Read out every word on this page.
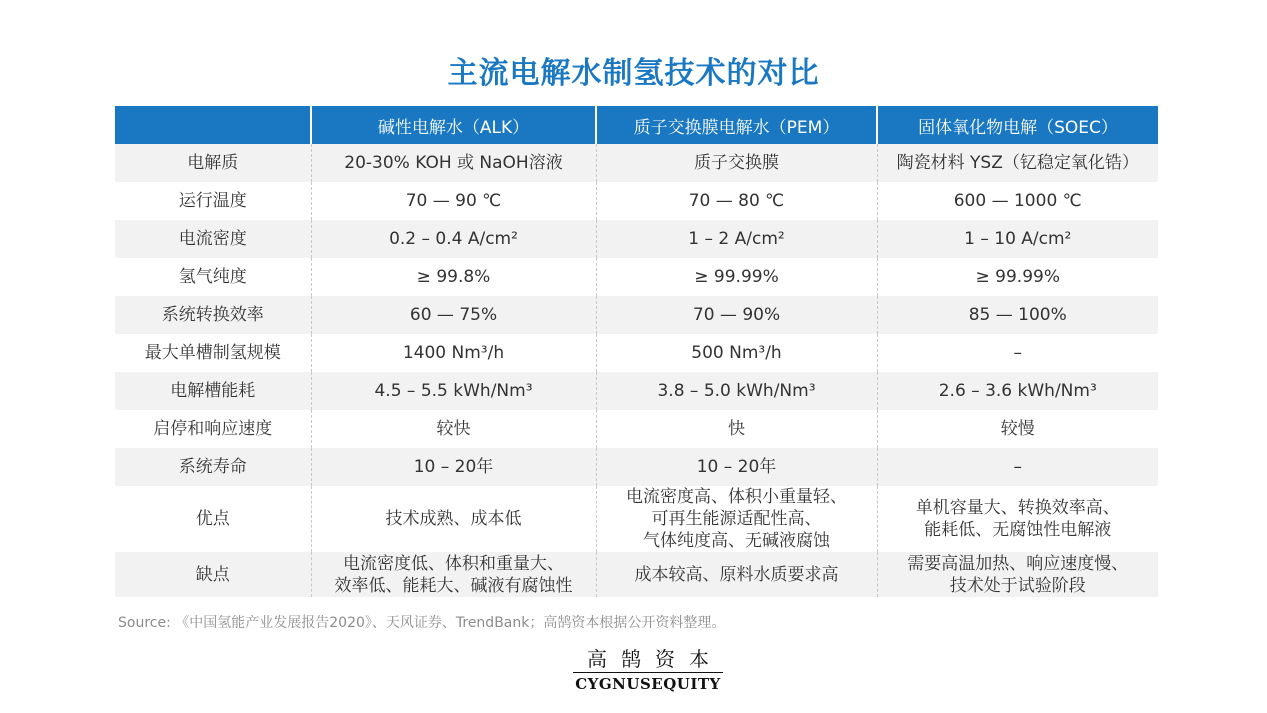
主流电解水制氢技术的对比
	碱性电解水（ALK）	质子交换膜电解水（PEM）	固体氧化物电解（SOEC）
电解质	20-30% KOH 或 NaOH溶液	质子交换膜	陶瓷材料 YSZ（钇稳定氧化锆）
运行温度	70 — 90 ℃	70 — 80 ℃	600 — 1000 ℃
电流密度	0.2 – 0.4 A/cm²	1 – 2 A/cm²	1 – 10 A/cm²
氢气纯度	≥ 99.8%	≥ 99.99%	≥ 99.99%
系统转换效率	60 — 75%	70 — 90%	85 — 100%
最大单槽制氢规模	1400 Nm³/h	500 Nm³/h	–
电解槽能耗	4.5 – 5.5 kWh/Nm³	3.8 – 5.0 kWh/Nm³	2.6 – 3.6 kWh/Nm³
启停和响应速度	较快	快	较慢
系统寿命	10 – 20年	10 – 20年	–
优点	技术成熟、成本低	电流密度高、体积小重量轻、
可再生能源适配性高、
气体纯度高、无碱液腐蚀	单机容量大、转换效率高、
能耗低、无腐蚀性电解液
缺点	电流密度低、体积和重量大、
效率低、能耗大、碱液有腐蚀性	成本较高、原料水质要求高	需要高温加热、响应速度慢、
技术处于试验阶段
Source: 《中国氢能产业发展报告2020》、天风证券、TrendBank；高鹄资本根据公开资料整理。
高鹄资本
CYGNUSEQUITY
